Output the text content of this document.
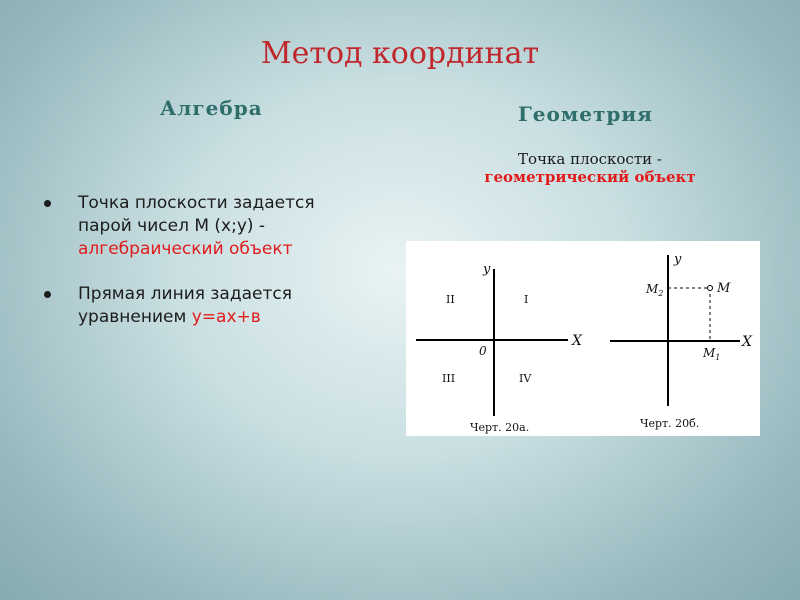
Метод координат
Алгебра	Геометрия
Точка плоскости -
геометрический объект
Точка плоскости задается парой чисел М (х;у) -
алгебраический объект
Прямая линия задается уравнением у=ах+в
y
X
0
I
II
III	IV
Черт. 20а.
y
X
M
$M_2$
$M_1$
Черт. 20б.
